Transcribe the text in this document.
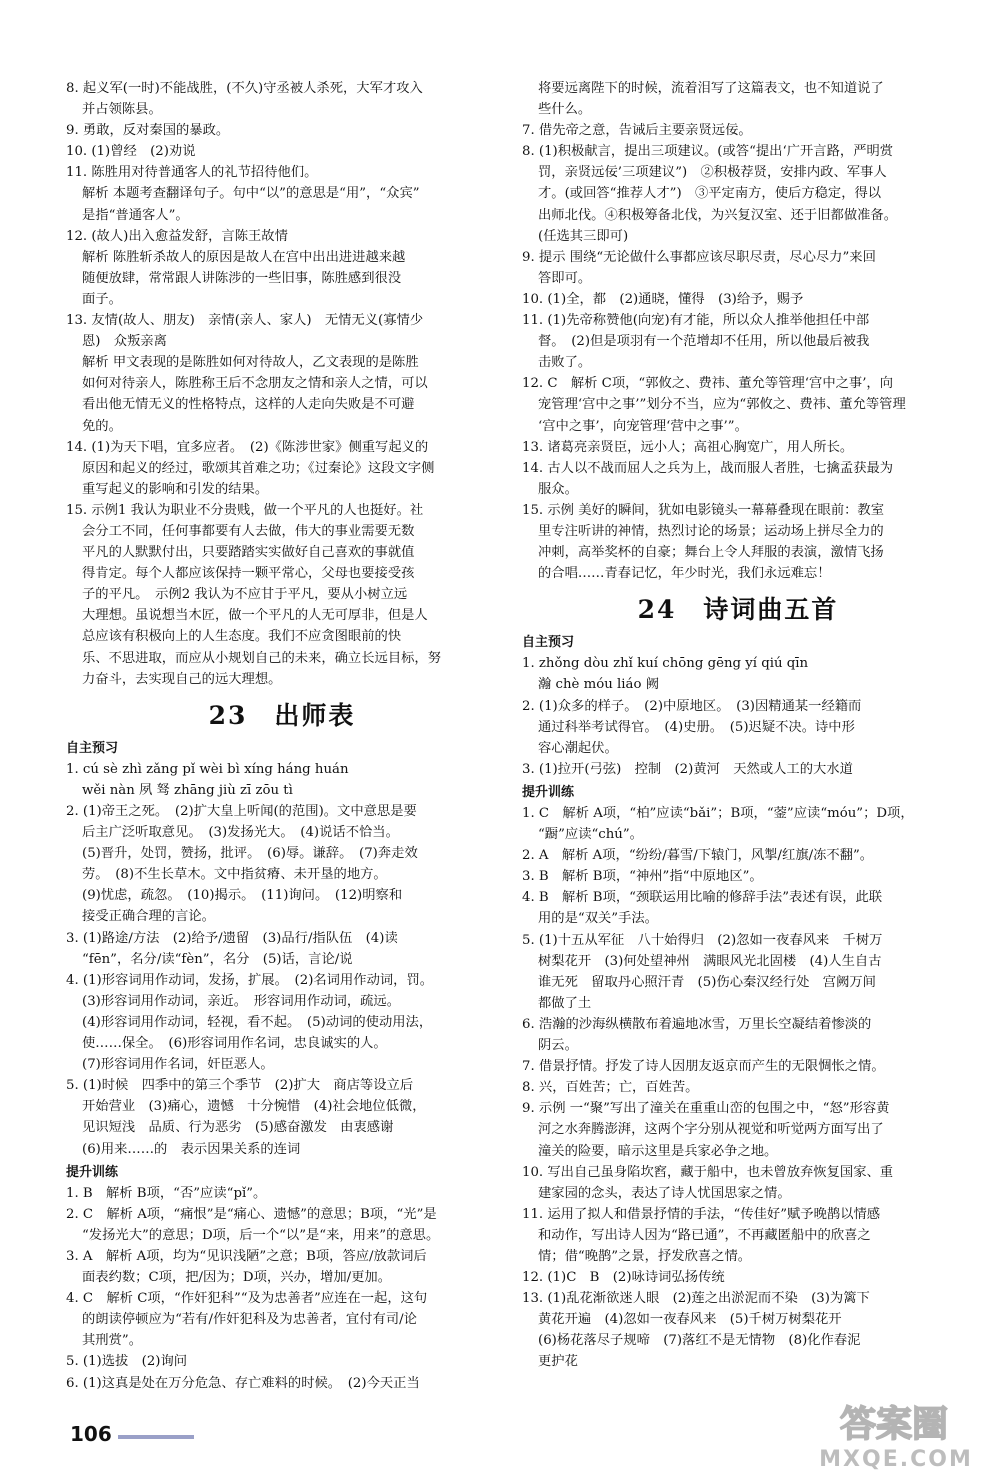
8. 起义军(一时)不能战胜，(不久)守丞被人杀死，大军才攻入
并占领陈县。
9. 勇敢，反对秦国的暴政。
10. (1)曾经　(2)劝说
11. 陈胜用对待普通客人的礼节招待他们。
解析 本题考查翻译句子。句中“以”的意思是“用”，“众宾”
是指“普通客人”。
12. (故人)出入愈益发舒，言陈王故情
解析 陈胜斩杀故人的原因是故人在宫中出出进进越来越
随便放肆，常常跟人讲陈涉的一些旧事，陈胜感到很没
面子。
13. 友情(故人、朋友)　亲情(亲人、家人)　无情无义(寡情少
恩)　众叛亲离
解析 甲文表现的是陈胜如何对待故人，乙文表现的是陈胜
如何对待亲人，陈胜称王后不念朋友之情和亲人之情，可以
看出他无情无义的性格特点，这样的人走向失败是不可避
免的。
14. (1)为天下唱，宜多应者。　(2)《陈涉世家》侧重写起义的
原因和起义的经过，歌颂其首难之功；《过秦论》这段文字侧
重写起义的影响和引发的结果。
15. 示例1 我认为职业不分贵贱，做一个平凡的人也挺好。社
会分工不同，任何事都要有人去做，伟大的事业需要无数
平凡的人默默付出，只要踏踏实实做好自己喜欢的事就值
得肯定。每个人都应该保持一颗平常心，父母也要接受孩
子的平凡。　示例2 我认为不应甘于平凡，要从小树立远
大理想。虽说想当木匠，做一个平凡的人无可厚非，但是人
总应该有积极向上的人生态度。我们不应贪图眼前的快
乐、不思进取，而应从小规划自己的未来，确立长远目标，努
力奋斗，去实现自己的远大理想。
23　出师表
自主预习
1. cú sè zhì zǎng pǐ wèi bì xíng háng huán
wěi nàn 夙 驽 zhāng jiù zī zōu tì
2. (1)帝王之死。　(2)扩大皇上听闻(的范围)。文中意思是要
后主广泛听取意见。　(3)发扬光大。　(4)说话不恰当。
(5)晋升，处罚，赞扬，批评。　(6)辱。谦辞。　(7)奔走效
劳。　(8)不生长草木。文中指贫瘠、未开垦的地方。
(9)忧虑，疏忽。　(10)揭示。　(11)询问。　(12)明察和
接受正确合理的言论。
3. (1)路途/方法　(2)给予/遗留　(3)品行/指队伍　(4)读
“fēn”，名分/读“fèn”，名分　(5)话，言论/说
4. (1)形容词用作动词，发扬，扩展。　(2)名词用作动词，罚。
(3)形容词用作动词，亲近。　形容词用作动词，疏远。
(4)形容词用作动词，轻视，看不起。　(5)动词的使动用法，
使……保全。　(6)形容词用作名词，忠良诚实的人。
(7)形容词用作名词，奸臣恶人。
5. (1)时候　四季中的第三个季节　(2)扩大　商店等设立后
开始营业　(3)痛心，遗憾　十分惋惜　(4)社会地位低微，
见识短浅　品质、行为恶劣　(5)感奋激发　由衷感谢
(6)用来……的　表示因果关系的连词
提升训练
1. B　解析 B项，“否”应读“pǐ”。
2. C　解析 A项，“痛恨”是“痛心、遗憾”的意思；B项，“光”是
“发扬光大”的意思；D项，后一个“以”是“来，用来”的意思。
3. A　解析 A项，均为“见识浅陋”之意；B项，答应/放款词后
面表约数；C项，把/因为；D项，兴办，增加/更加。
4. C　解析 C项，“作奸犯科”“及为忠善者”应连在一起，这句
的朗读停顿应为“若有/作奸犯科及为忠善者，宜付有司/论
其刑赏”。
5. (1)选拔　(2)询问
6. (1)这真是处在万分危急、存亡难料的时候。　(2)今天正当
将要远离陛下的时候，流着泪写了这篇表文，也不知道说了
些什么。
7. 借先帝之意，告诫后主要亲贤远佞。
8. (1)积极献言，提出三项建议。(或答“提出‘广开言路，严明赏
罚，亲贤远佞’三项建议”)　②积极荐贤，安排内政、军事人
才。(或回答“推荐人才”)　③平定南方，使后方稳定，得以
出师北伐。④积极筹备北伐，为兴复汉室、还于旧都做准备。
(任选其三即可)
9. 提示 围绕“无论做什么事都应该尽职尽责，尽心尽力”来回
答即可。
10. (1)全，都　(2)通晓，懂得　(3)给予，赐予
11. (1)先帝称赞他(向宠)有才能，所以众人推举他担任中部
督。　(2)但是项羽有一个范增却不任用，所以他最后被我
击败了。
12. C　解析 C项，“郭攸之、费祎、董允等管理‘宫中之事’，向
宠管理‘宫中之事’”划分不当，应为“郭攸之、费祎、董允等管理
‘宫中之事’，向宠管理‘营中之事’”。
13. 诸葛亮亲贤臣，远小人；高祖心胸宽广，用人所长。
14. 古人以不战而屈人之兵为上，战而服人者胜，七擒孟获最为
服众。
15. 示例 美好的瞬间，犹如电影镜头一幕幕叠现在眼前：教室
里专注听讲的神情，热烈讨论的场景；运动场上拼尽全力的
冲刺，高举奖杯的自豪；舞台上令人拜服的表演，激情飞扬
的合唱……青春记忆，年少时光，我们永远难忘！
24　诗词曲五首
自主预习
1. zhǒng dòu zhǐ kuí chōng gēng yí qiú qīn
瀚 chè móu liáo 阙
2. (1)众多的样子。　(2)中原地区。　(3)因精通某一经籍而
通过科举考试得官。　(4)史册。　(5)迟疑不决。诗中形
容心潮起伏。
3. (1)拉开(弓弦)　控制　(2)黄河　天然或人工的大水道
提升训练
1. C　解析 A项，“柏”应读“bǎi”；B项，“蓥”应读“móu”；D项，
“蹰”应读“chú”。
2. A　解析 A项，“纷纷/暮雪/下辕门，风掣/红旗/冻不翻”。
3. B　解析 B项，“神州”指“中原地区”。
4. B　解析 B项，“颈联运用比喻的修辞手法”表述有误，此联
用的是“双关”手法。
5. (1)十五从军征　八十始得归　(2)忽如一夜春风来　千树万
树梨花开　(3)何处望神州　满眼风光北固楼　(4)人生自古
谁无死　留取丹心照汗青　(5)伤心秦汉经行处　宫阙万间
都做了土
6. 浩瀚的沙海纵横散布着遍地冰雪，万里长空凝结着惨淡的
阴云。
7. 借景抒情。抒发了诗人因朋友返京而产生的无限惆怅之情。
8. 兴，百姓苦；亡，百姓苦。
9. 示例 一“聚”写出了潼关在重重山峦的包围之中，“怒”形容黄
河之水奔腾澎湃，这两个字分别从视觉和听觉两方面写出了
潼关的险要，暗示这里是兵家必争之地。
10. 写出自己虽身陷坎窞，藏于船中，也未曾放弃恢复国家、重
建家园的念头，表达了诗人忧国思家之情。
11. 运用了拟人和借景抒情的手法，“传佳好”赋予晚鹊以情感
和动作，写出诗人因为“路已通”，不再藏匿船中的欣喜之
情；借“晚鹊”之景，抒发欣喜之情。
12. (1)C　B　(2)咏诗词弘扬传统
13. (1)乱花渐欲迷人眼　(2)莲之出淤泥而不染　(3)为篱下
黄花开遍　(4)忽如一夜春风来　(5)千树万树梨花开
(6)杨花落尽子规啼　(7)落红不是无情物　(8)化作春泥
更护花
106	答案圈
MXQE.COM
